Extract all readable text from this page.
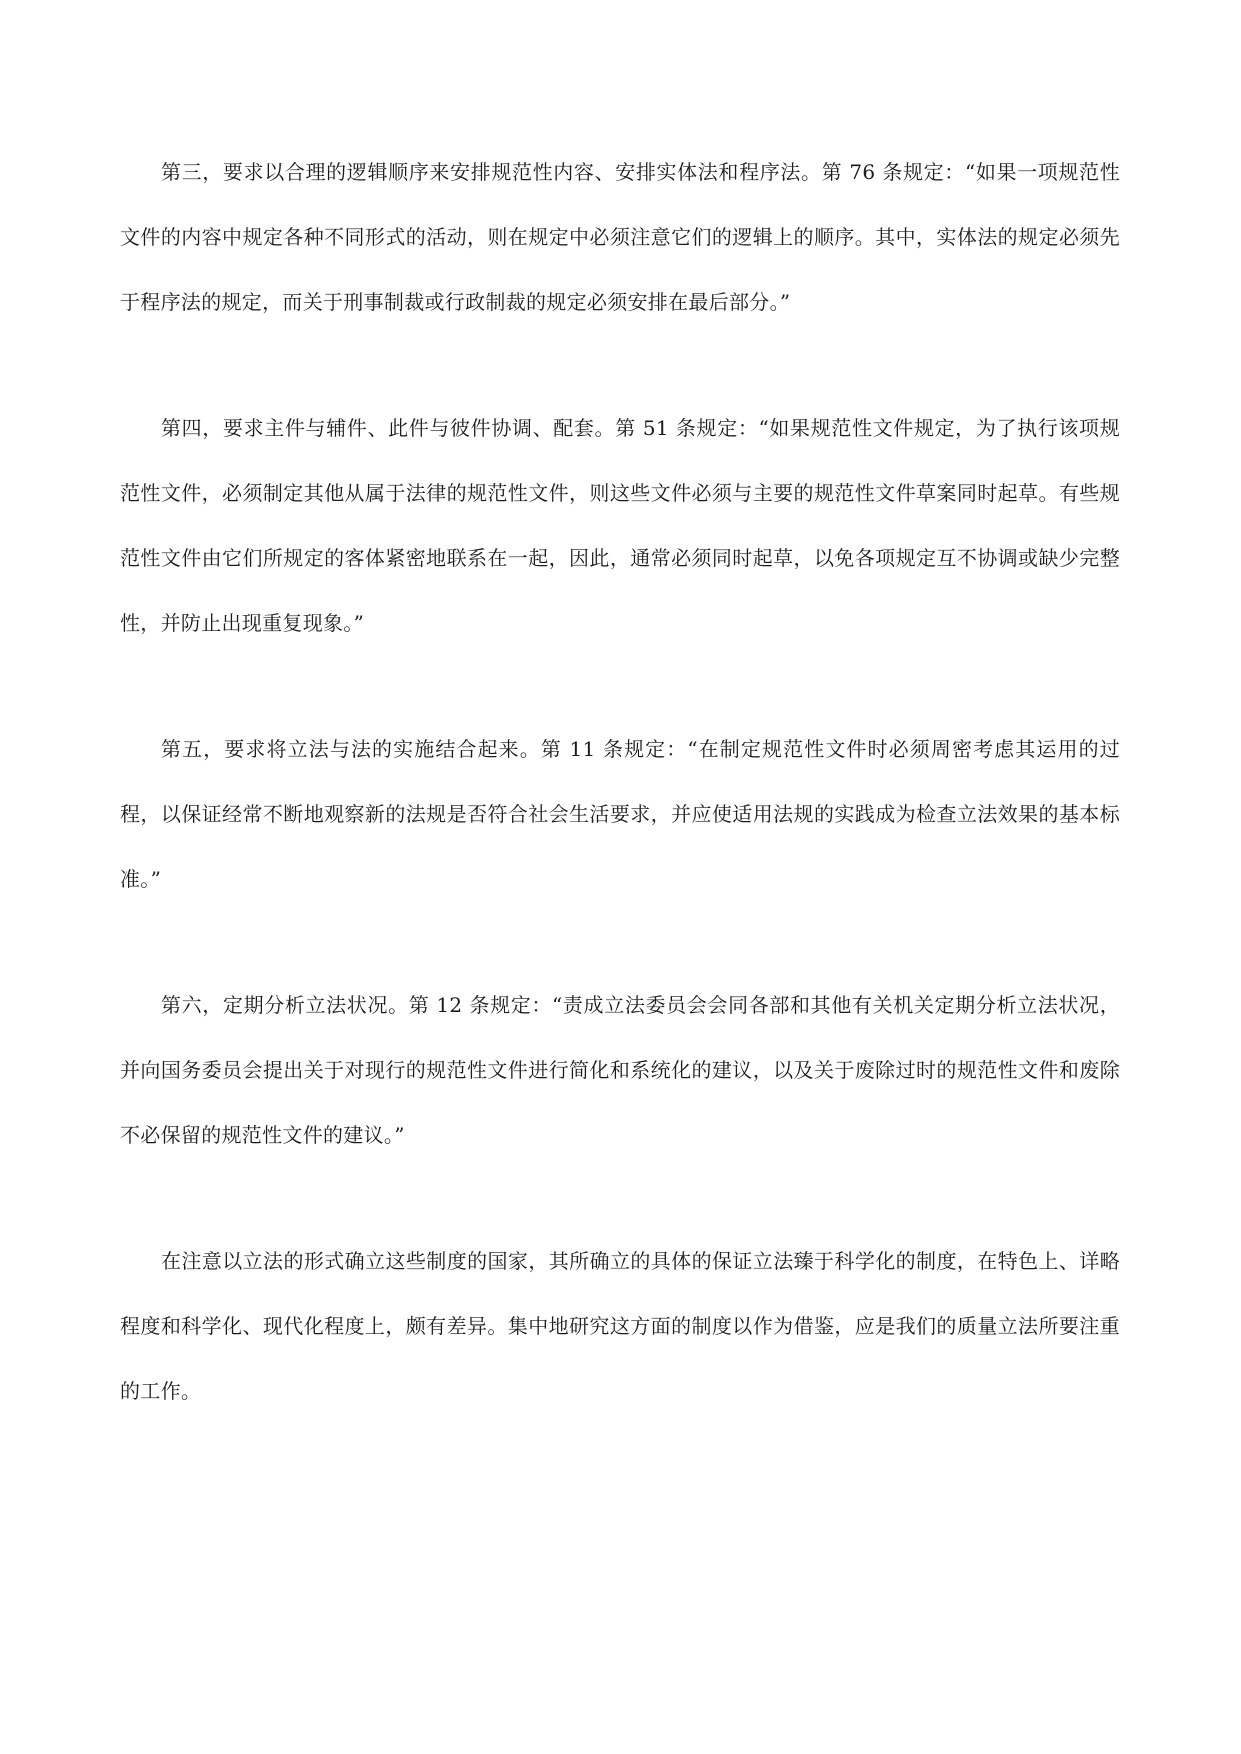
第三，要求以合理的逻辑顺序来安排规范性内容、安排实体法和程序法。第 76 条规定：“如果一项规范性文件的内容中规定各种不同形式的活动，则在规定中必须注意它们的逻辑上的顺序。其中，实体法的规定必须先于程序法的规定，而关于刑事制裁或行政制裁的规定必须安排在最后部分。”

第四，要求主件与辅件、此件与彼件协调、配套。第 51 条规定：“如果规范性文件规定，为了执行该项规范性文件，必须制定其他从属于法律的规范性文件，则这些文件必须与主要的规范性文件草案同时起草。有些规范性文件由它们所规定的客体紧密地联系在一起，因此，通常必须同时起草，以免各项规定互不协调或缺少完整性，并防止出现重复现象。”

第五，要求将立法与法的实施结合起来。第 11 条规定：“在制定规范性文件时必须周密考虑其运用的过程，以保证经常不断地观察新的法规是否符合社会生活要求，并应使适用法规的实践成为检查立法效果的基本标准。”

第六，定期分析立法状况。第 12 条规定：“责成立法委员会会同各部和其他有关机关定期分析立法状况，并向国务委员会提出关于对现行的规范性文件进行简化和系统化的建议，以及关于废除过时的规范性文件和废除不必保留的规范性文件的建议。”

在注意以立法的形式确立这些制度的国家，其所确立的具体的保证立法臻于科学化的制度，在特色上、详略程度和科学化、现代化程度上，颇有差异。集中地研究这方面的制度以作为借鉴，应是我们的质量立法所要注重的工作。
